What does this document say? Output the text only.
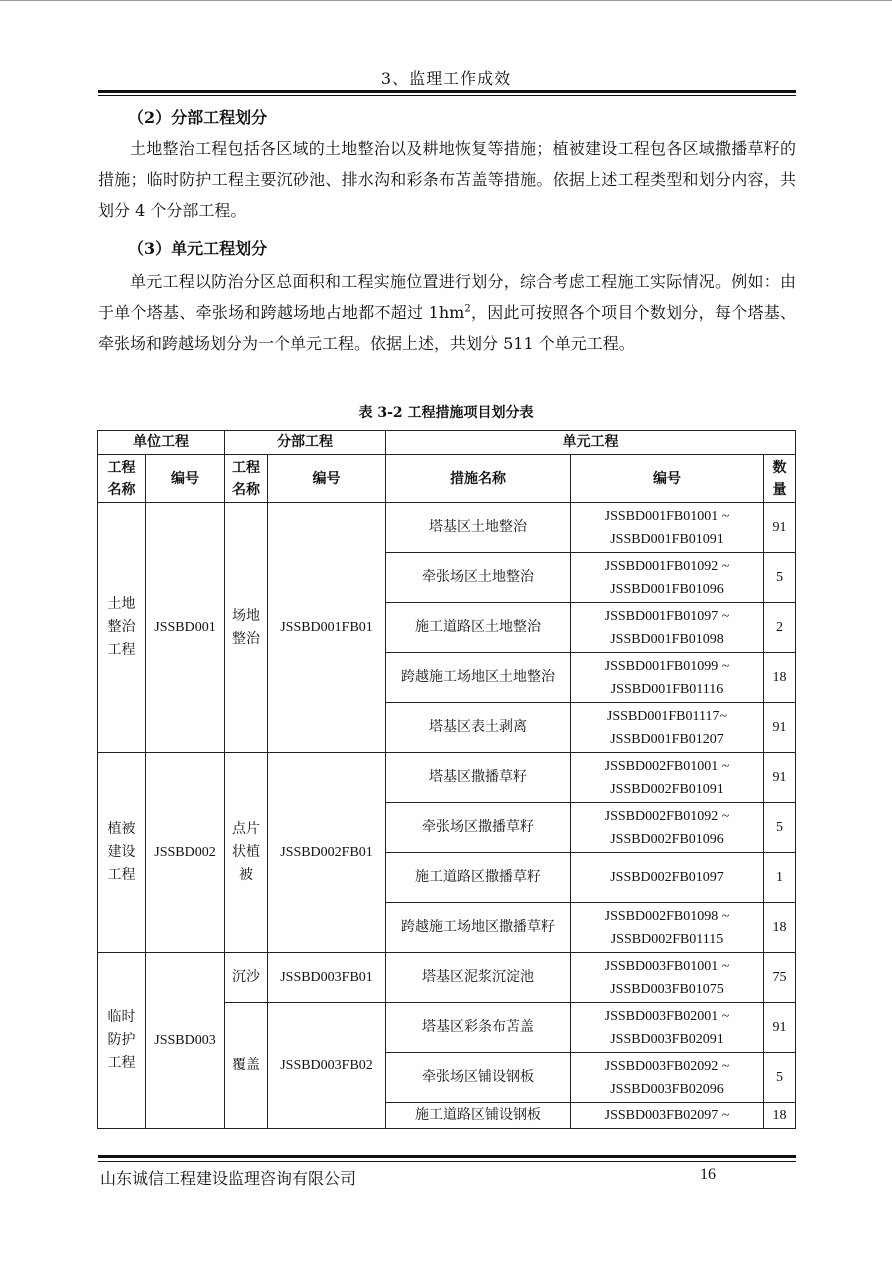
3、监理工作成效
（2）分部工程划分

土地整治工程包括各区域的土地整治以及耕地恢复等措施；植被建设工程包各区域撒播草籽的措施；临时防护工程主要沉砂池、排水沟和彩条布苫盖等措施。依据上述工程类型和划分内容，共划分 4 个分部工程。

（3）单元工程划分

单元工程以防治分区总面积和工程实施位置进行划分，综合考虑工程施工实际情况。例如：由于单个塔基、牵张场和跨越场地占地都不超过 $1hm^2$，因此可按照各个项目个数划分，每个塔基、牵张场和跨越场划分为一个单元工程。依据上述，共划分 511 个单元工程。

表 3-2 工程措施项目划分表
单位工程		分部工程		单元工程		

工程名称	编号	工程名称	编号	措施名称	编号	数量

土地整治工程	JSSBD001	场地整治	JSSBD001FB01	塔基区土地整治	JSSBD001FB01001 ~
JSSBD001FB01091	91
				牵张场区土地整治	JSSBD001FB01092 ~
JSSBD001FB01096	5
				施工道路区土地整治	JSSBD001FB01097 ~
JSSBD001FB01098	2
				跨越施工场地区土地整治	JSSBD001FB01099 ~
JSSBD001FB01116	18
				塔基区表土剥离	JSSBD001FB01117~
JSSBD001FB01207	91

植被建设工程	JSSBD002	点片状植被	JSSBD002FB01	塔基区撒播草籽	JSSBD002FB01001 ~
JSSBD002FB01091	91
				牵张场区撒播草籽	JSSBD002FB01092 ~
JSSBD002FB01096	5
				施工道路区撒播草籽	JSSBD002FB01097	1
				跨越施工场地区撒播草籽	JSSBD002FB01098 ~
JSSBD002FB01115	18

临时防护工程	JSSBD003	沉沙	JSSBD003FB01	塔基区泥浆沉淀池	JSSBD003FB01001 ~
JSSBD003FB01075	75

		覆盖	JSSBD003FB02	塔基区彩条布苫盖	JSSBD003FB02001 ~
JSSBD003FB02091	91
				牵张场区铺设钢板	JSSBD003FB02092 ~
JSSBD003FB02096	5
				施工道路区铺设钢板	JSSBD003FB02097 ~	18
山东诚信工程建设监理咨询有限公司	16
